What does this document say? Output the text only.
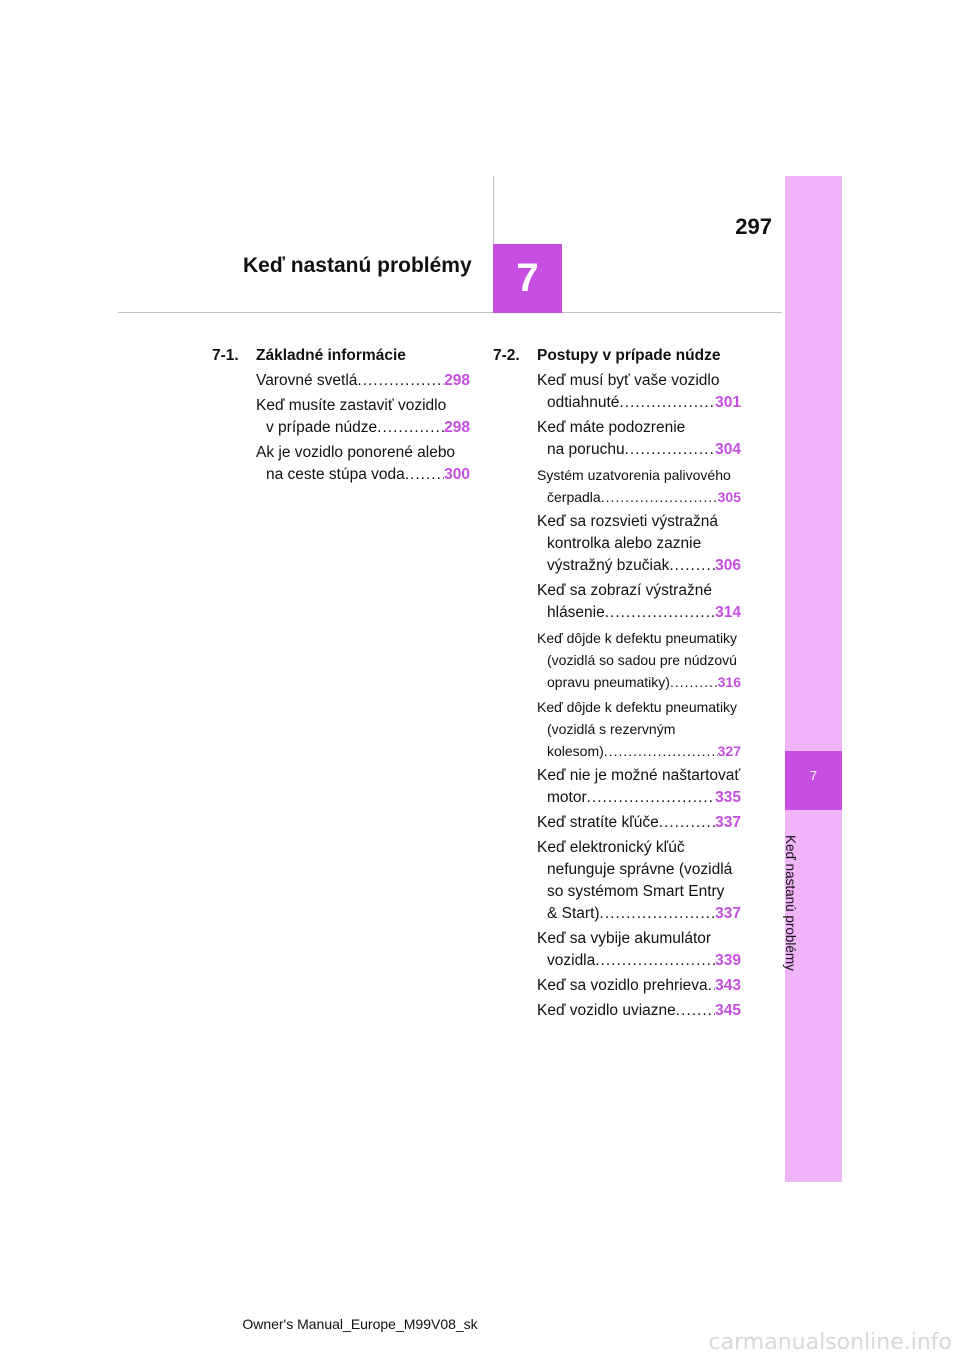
297
Keď nastanú problémy	7
7
Keď nastanú problémy
7-1.	Základné informácie
Varovné svetlá .....	298
Keď musíte zastaviť vozidlo
v prípade núdze .....	298
Ak je vozidlo ponorené alebo
na ceste stúpa voda .....	300
7-2.	Postupy v prípade núdze
Keď musí byť vaše vozidlo
odtiahnuté .....	301
Keď máte podozrenie
na poruchu .....	304
Systém uzatvorenia palivového
čerpadla .....	305
Keď sa rozsvieti výstražná
kontrolka alebo zaznie
výstražný bzučiak .....	306
Keď sa zobrazí výstražné
hlásenie .....	314
Keď dôjde k defektu pneumatiky
(vozidlá so sadou pre núdzovú
opravu pneumatiky) .....	316
Keď dôjde k defektu pneumatiky
(vozidlá s rezervným
kolesom) .....	327
Keď nie je možné naštartovať
motor .....	335
Keď stratíte kľúče .....	337
Keď elektronický kľúč
nefunguje správne (vozidlá
so systémom Smart Entry
& Start) .....	337
Keď sa vybije akumulátor
vozidla .....	339
Keď sa vozidlo prehrieva ..... 343
Keď vozidlo uviazne .....	345
Owner's Manual_Europe_M99V08_sk
carmanualsonline.info
